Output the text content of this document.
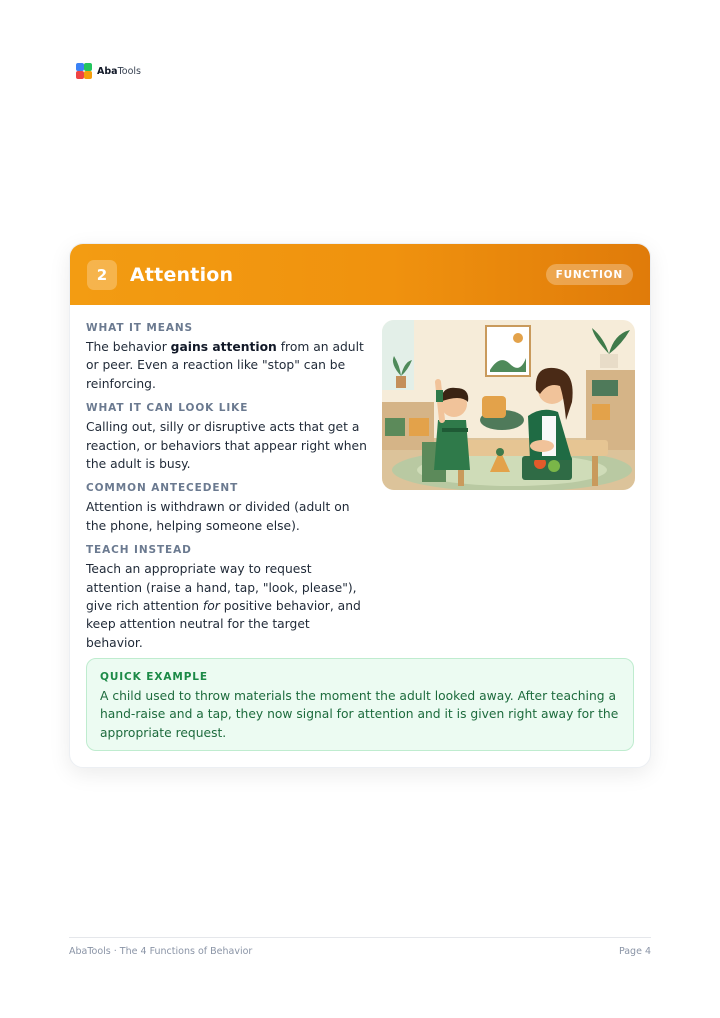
AbaTools
2	Attention	FUNCTION
WHAT IT MEANS
The behavior gains attention from an adult or peer. Even a reaction like "stop" can be reinforcing.
WHAT IT CAN LOOK LIKE
Calling out, silly or disruptive acts that get a reaction, or behaviors that appear right when the adult is busy.
COMMON ANTECEDENT
Attention is withdrawn or divided (adult on the phone, helping someone else).
TEACH INSTEAD
Teach an appropriate way to request attention (raise a hand, tap, "look, please"), give rich attention for positive behavior, and keep attention neutral for the target behavior.
QUICK EXAMPLE
A child used to throw materials the moment the adult looked away. After teaching a hand-raise and a tap, they now signal for attention and it is given right away for the appropriate request.
AbaTools · The 4 Functions of Behavior	Page 4
